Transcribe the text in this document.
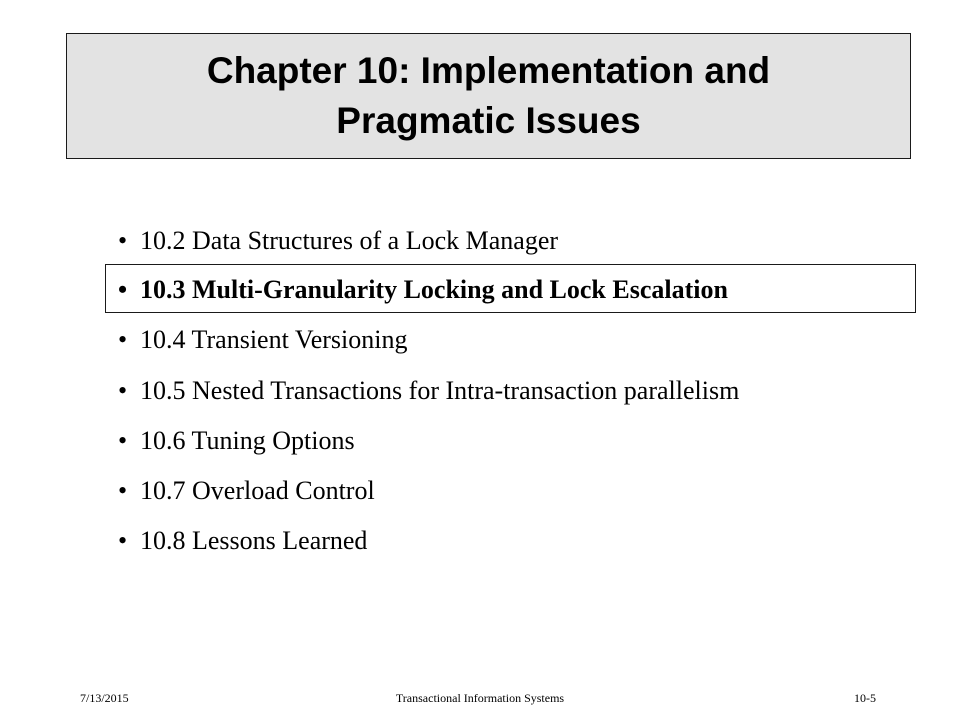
Chapter 10: Implementation and
Pragmatic Issues
• 10.2 Data Structures of a Lock Manager
• 10.3 Multi-Granularity Locking and Lock Escalation
• 10.4 Transient Versioning
• 10.5 Nested Transactions for Intra-transaction parallelism
• 10.6 Tuning Options
• 10.7 Overload Control
• 10.8 Lessons Learned
7/13/2015	Transactional Information Systems	10-5
